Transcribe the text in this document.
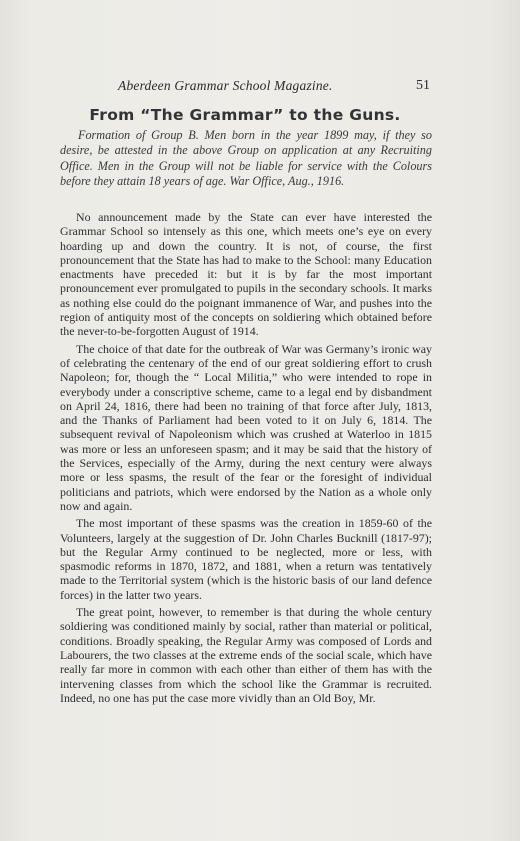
Aberdeen Grammar School Magazine.	51
From “The Grammar” to the Guns.

Formation of Group B. Men born in the year 1899 may, if they so desire, be attested in the above Group on application at any Recruiting Office. Men in the Group will not be liable for service with the Colours before they attain 18 years of age. War Office, Aug., 1916.

No announcement made by the State can ever have interested the Grammar School so intensely as this one, which meets one’s eye on every hoarding up and down the country. It is not, of course, the first pronouncement that the State has had to make to the School: many Education enactments have preceded it: but it is by far the most important pronouncement ever promulgated to pupils in the secondary schools. It marks as nothing else could do the poignant immanence of War, and pushes into the region of antiquity most of the concepts on soldiering which obtained before the never-to-be-forgotten August of 1914.

The choice of that date for the outbreak of War was Germany’s ironic way of celebrating the centenary of the end of our great soldiering effort to crush Napoleon; for, though the “ Local Militia,” who were intended to rope in everybody under a conscriptive scheme, came to a legal end by disbandment on April 24, 1816, there had been no training of that force after July, 1813, and the Thanks of Parliament had been voted to it on July 6, 1814. The subsequent revival of Napoleonism which was crushed at Waterloo in 1815 was more or less an unforeseen spasm; and it may be said that the history of the Services, especially of the Army, during the next century were always more or less spasms, the result of the fear or the foresight of individual politicians and patriots, which were endorsed by the Nation as a whole only now and again.

The most important of these spasms was the creation in 1859-60 of the Volunteers, largely at the suggestion of Dr. John Charles Bucknill (1817-97); but the Regular Army continued to be neglected, more or less, with spasmodic reforms in 1870, 1872, and 1881, when a return was tentatively made to the Territorial system (which is the historic basis of our land defence forces) in the latter two years.

The great point, however, to remember is that during the whole century soldiering was conditioned mainly by social, rather than material or political, conditions. Broadly speaking, the Regular Army was composed of Lords and Labourers, the two classes at the extreme ends of the social scale, which have really far more in common with each other than either of them has with the intervening classes from which the school like the Grammar is recruited. Indeed, no one has put the case more vividly than an Old Boy, Mr.
